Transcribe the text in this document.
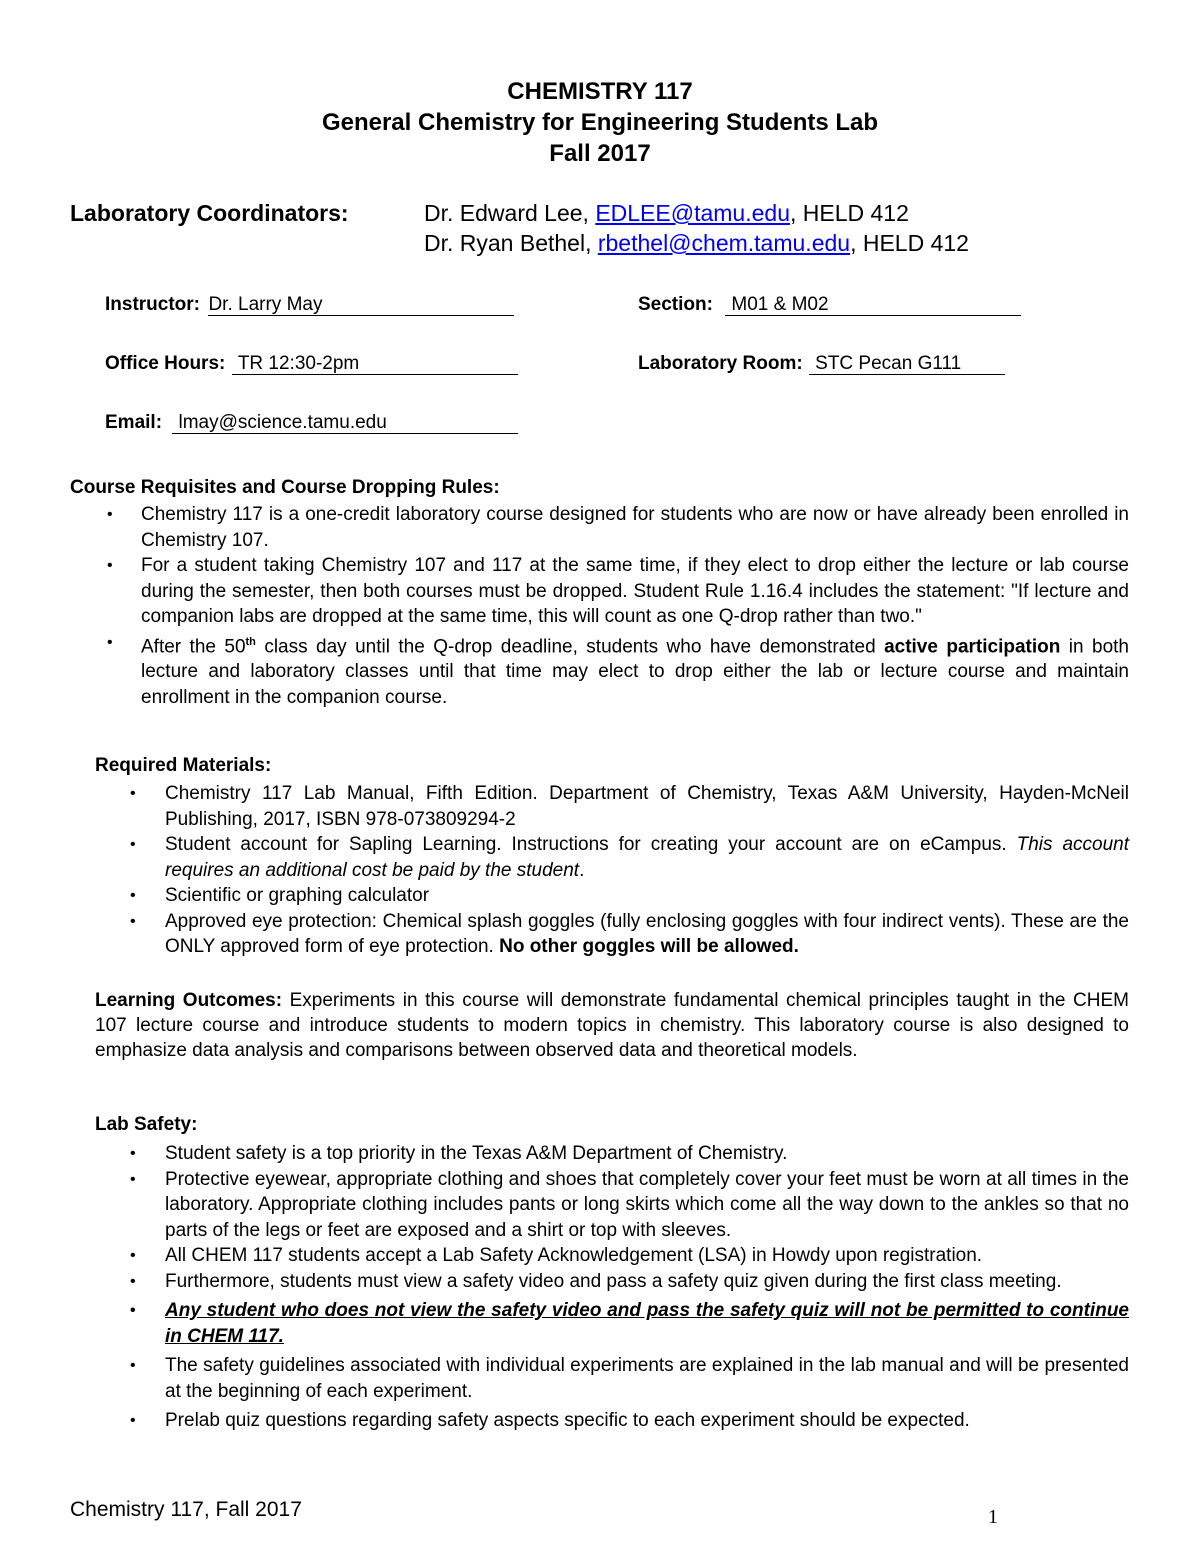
CHEMISTRY 117
General Chemistry for Engineering Students Lab
Fall 2017
Laboratory Coordinators:	Dr. Edward Lee, EDLEE@tamu.edu, HELD 412
Dr. Ryan Bethel, rbethel@chem.tamu.edu, HELD 412
Instructor: Dr. Larry May	Section: M01 & M02
Office Hours: TR 12:30-2pm	Laboratory Room: STC Pecan G111
Email: lmay@science.tamu.edu
Course Requisites and Course Dropping Rules:
• Chemistry 117 is a one-credit laboratory course designed for students who are now or have already been enrolled in Chemistry 107.
• For a student taking Chemistry 107 and 117 at the same time, if they elect to drop either the lecture or lab course during the semester, then both courses must be dropped. Student Rule 1.16.4 includes the statement: "If lecture and companion labs are dropped at the same time, this will count as one Q-drop rather than two."
• After the 50th class day until the Q-drop deadline, students who have demonstrated active participation in both lecture and laboratory classes until that time may elect to drop either the lab or lecture course and maintain enrollment in the companion course.
Required Materials:
• Chemistry 117 Lab Manual, Fifth Edition. Department of Chemistry, Texas A&M University, Hayden-McNeil Publishing, 2017, ISBN 978-073809294-2
• Student account for Sapling Learning. Instructions for creating your account are on eCampus. This account requires an additional cost be paid by the student.
• Scientific or graphing calculator
• Approved eye protection: Chemical splash goggles (fully enclosing goggles with four indirect vents). These are the ONLY approved form of eye protection. No other goggles will be allowed.
Learning Outcomes: Experiments in this course will demonstrate fundamental chemical principles taught in the CHEM 107 lecture course and introduce students to modern topics in chemistry. This laboratory course is also designed to emphasize data analysis and comparisons between observed data and theoretical models.
Lab Safety:
• Student safety is a top priority in the Texas A&M Department of Chemistry.
• Protective eyewear, appropriate clothing and shoes that completely cover your feet must be worn at all times in the laboratory. Appropriate clothing includes pants or long skirts which come all the way down to the ankles so that no parts of the legs or feet are exposed and a shirt or top with sleeves.
• All CHEM 117 students accept a Lab Safety Acknowledgement (LSA) in Howdy upon registration.
• Furthermore, students must view a safety video and pass a safety quiz given during the first class meeting.
• Any student who does not view the safety video and pass the safety quiz will not be permitted to continue in CHEM 117.
• The safety guidelines associated with individual experiments are explained in the lab manual and will be presented at the beginning of each experiment.
• Prelab quiz questions regarding safety aspects specific to each experiment should be expected.
Chemistry 117, Fall 2017	1
